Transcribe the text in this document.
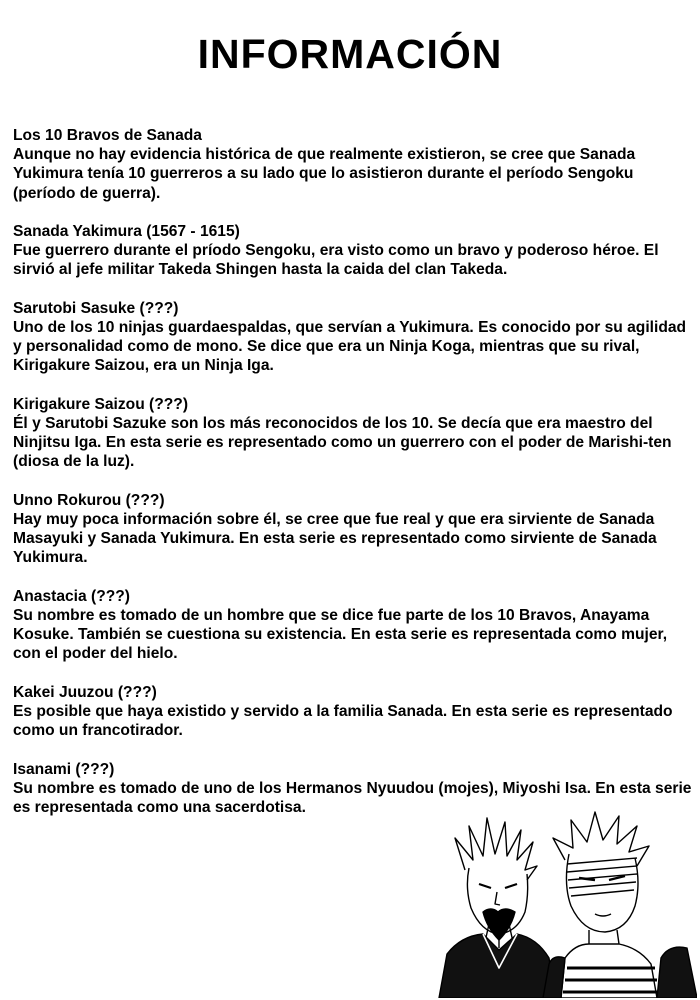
INFORMACIÓN
Los 10 Bravos de Sanada
Aunque no hay evidencia histórica de que realmente existieron, se cree que Sanada Yukimura tenía 10 guerreros a su lado que lo asistieron durante el período Sengoku (período de guerra).
Sanada Yakimura (1567 - 1615)
Fue guerrero durante el príodo Sengoku, era visto como un bravo y poderoso héroe. El sirvió al jefe militar Takeda Shingen hasta la caida del clan Takeda.
Sarutobi Sasuke (???)
Uno de los 10 ninjas guardaespaldas, que servían a Yukimura. Es conocido por su agilidad y personalidad como de mono. Se dice que era un Ninja Koga, mientras que su rival, Kirigakure Saizou, era un Ninja Iga.
Kirigakure Saizou (???)
Él y Sarutobi Sazuke son los más reconocidos de los 10. Se decía que era maestro del Ninjitsu Iga. En esta serie es representado como un guerrero con el poder de Marishi-ten (diosa de la luz).
Unno Rokurou (???)
Hay muy poca información sobre él, se cree que fue real y que era sirviente de Sanada Masayuki y Sanada Yukimura. En esta serie es representado como sirviente de Sanada Yukimura.
Anastacia (???)
Su nombre es tomado de un hombre que se dice fue parte de los 10 Bravos, Anayama Kosuke. También se cuestiona su existencia. En esta serie es representada como mujer, con el poder del hielo.
Kakei Juuzou (???)
Es posible que haya existido y servido a la familia Sanada. En esta serie es representado como un francotirador.
Isanami (???)
Su nombre es tomado de uno de los Hermanos Nyuudou (mojes), Miyoshi Isa. En esta serie es representada como una sacerdotisa.
